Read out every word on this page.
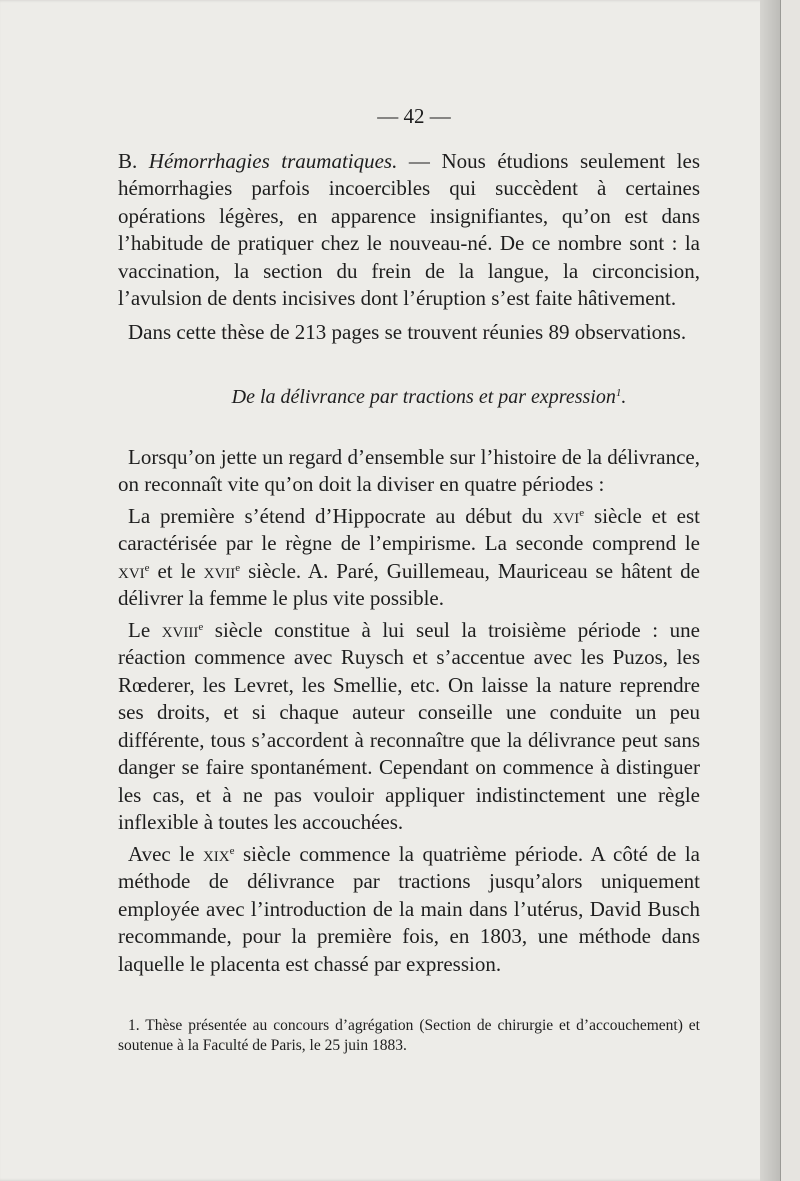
— 42 —

B. Hémorrhagies traumatiques. — Nous étudions seulement les hémorrhagies parfois incoercibles qui succèdent à certaines opérations légères, en apparence insignifiantes, qu’on est dans l’habitude de pratiquer chez le nouveau-né. De ce nombre sont : la vaccination, la section du frein de la langue, la circoncision, l’avulsion de dents incisives dont l’éruption s’est faite hâtivement.

Dans cette thèse de 213 pages se trouvent réunies 89 observations.

De la délivrance par tractions et par expression$^1$.

Lorsqu’on jette un regard d’ensemble sur l’histoire de la délivrance, on reconnaît vite qu’on doit la diviser en quatre périodes :

La première s’étend d’Hippocrate au début du xvi$^e$ siècle et est caractérisée par le règne de l’empirisme. La seconde comprend le xvi$^e$ et le xvii$^e$ siècle. A. Paré, Guillemeau, Mauriceau se hâtent de délivrer la femme le plus vite possible.

Le xviii$^e$ siècle constitue à lui seul la troisième période : une réaction commence avec Ruysch et s’accentue avec les Puzos, les Rœderer, les Levret, les Smellie, etc. On laisse la nature reprendre ses droits, et si chaque auteur conseille une conduite un peu différente, tous s’accordent à reconnaître que la délivrance peut sans danger se faire spontanément. Cependant on commence à distinguer les cas, et à ne pas vouloir appliquer indistinctement une règle inflexible à toutes les accouchées.

Avec le xix$^e$ siècle commence la quatrième période. A côté de la méthode de délivrance par tractions jusqu’alors uniquement employée avec l’introduction de la main dans l’utérus, David Busch recommande, pour la première fois, en 1803, une méthode dans laquelle le placenta est chassé par expression.

1. Thèse présentée au concours d’agrégation (Section de chirurgie et d’accouchement) et soutenue à la Faculté de Paris, le 25 juin 1883.
